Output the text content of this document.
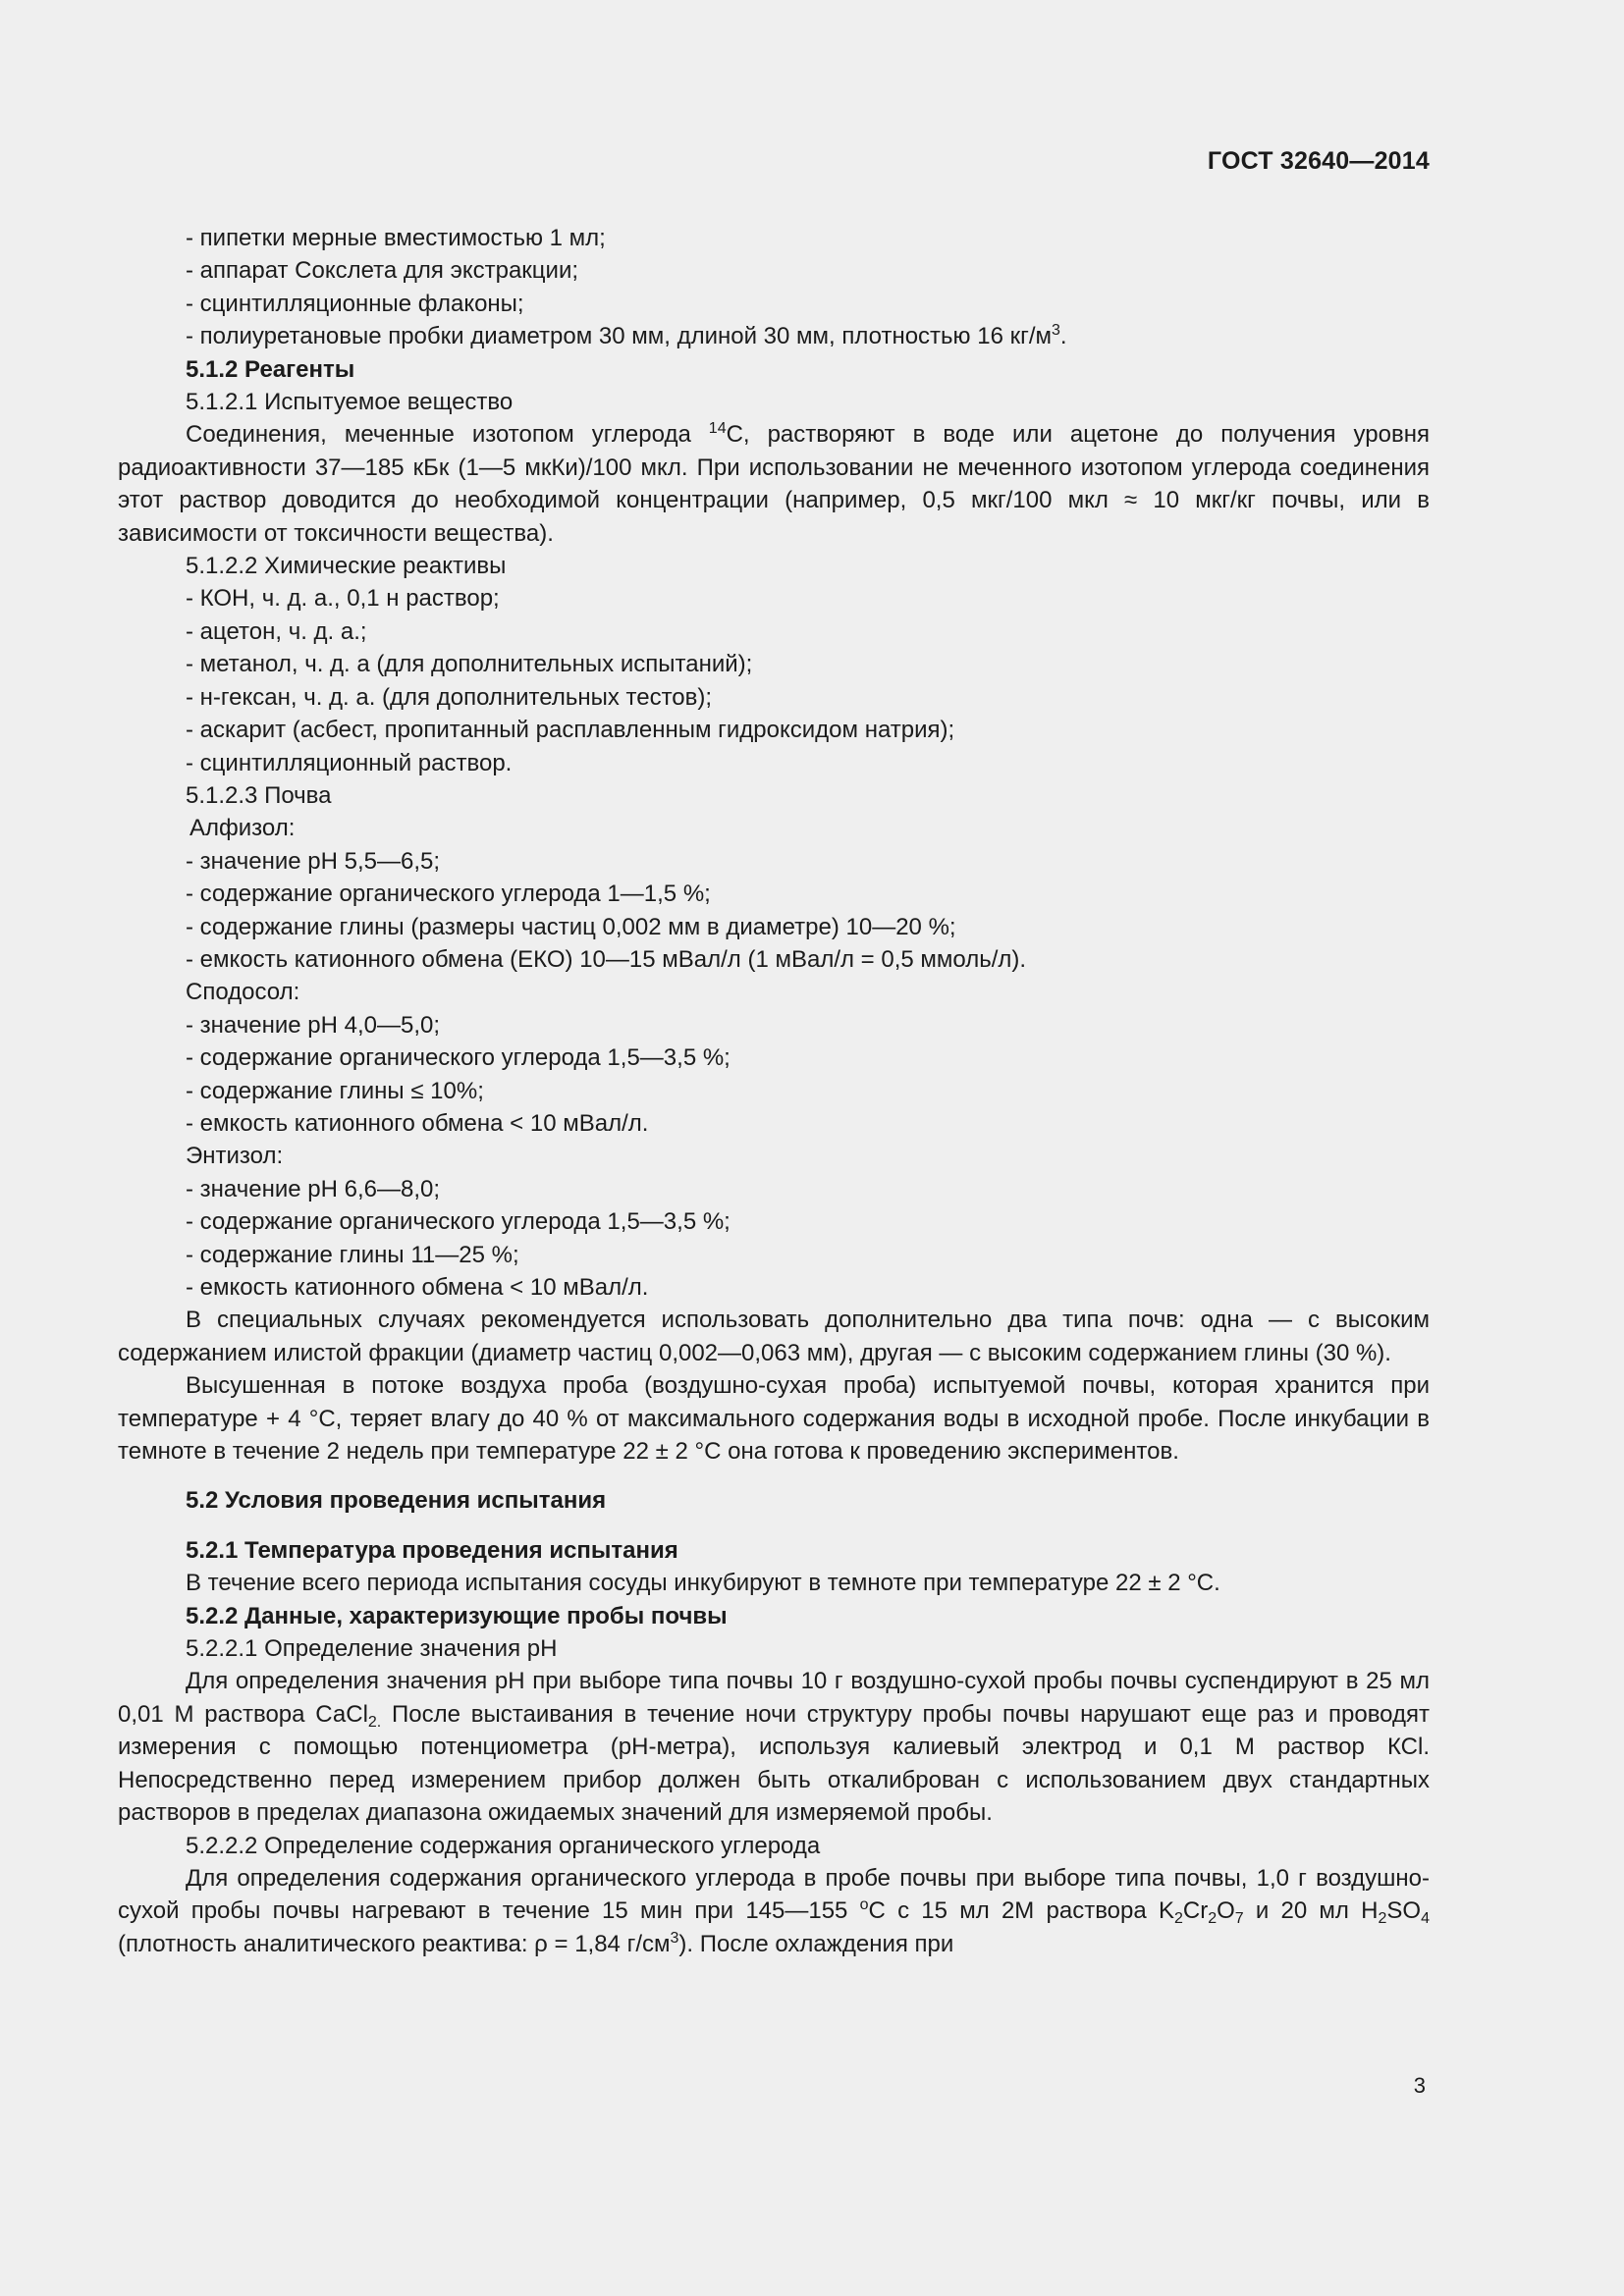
ГОСТ 32640—2014

- пипетки мерные вместимостью 1 мл;

- аппарат Сокслета для экстракции;

- сцинтилляционные флаконы;

- полиуретановые пробки диаметром 30 мм, длиной 30 мм, плотностью 16 $кг/м^3$.

5.1.2 Реагенты

5.1.2.1 Испытуемое вещество

Соединения, меченные изотопом углерода $^{14}$С, растворяют в воде или ацетоне до получения уровня радиоактивности 37—185 кБк (1—5 мкКи)/100 мкл. При использовании не меченного изотопом углерода соединения этот раствор доводится до необходимой концентрации (например, 0,5 мкг/100 мкл ≈ 10 мкг/кг почвы, или в зависимости от токсичности вещества).

5.1.2.2 Химические реактивы

- КОН, ч. д. а., 0,1 н раствор;

- ацетон, ч. д. а.;

- метанол, ч. д. а (для дополнительных испытаний);

- н-гексан, ч. д. а. (для дополнительных тестов);

- аскарит (асбест, пропитанный расплавленным гидроксидом натрия);

- сцинтилляционный раствор.

5.1.2.3 Почва

Алфизол:

- значение рН 5,5—6,5;

- содержание органического углерода 1—1,5 %;

- содержание глины (размеры частиц 0,002 мм в диаметре) 10—20 %;

- емкость катионного обмена (ЕКО) 10—15 мВал/л (1 мВал/л = 0,5 ммоль/л).

Сподосол:

- значение рН 4,0—5,0;

- содержание органического углерода 1,5—3,5 %;

- содержание глины ≤ 10%;

- емкость катионного обмена < 10 мВал/л.

Энтизол:

- значение рН 6,6—8,0;

- содержание органического углерода 1,5—3,5 %;

- содержание глины 11—25 %;

- емкость катионного обмена < 10 мВал/л.

В специальных случаях рекомендуется использовать дополнительно два типа почв: одна — с высоким содержанием илистой фракции (диаметр частиц 0,002—0,063 мм), другая — с высоким содержанием глины (30 %).

Высушенная в потоке воздуха проба (воздушно-сухая проба) испытуемой почвы, которая хранится при температуре + 4 °С, теряет влагу до 40 % от максимального содержания воды в исходной пробе. После инкубации в темноте в течение 2 недель при температуре 22 ± 2 °С она готова к проведению экспериментов.

5.2 Условия проведения испытания

5.2.1 Температура проведения испытания

В течение всего периода испытания сосуды инкубируют в темноте при температуре 22 ± 2 °С.

5.2.2 Данные, характеризующие пробы почвы

5.2.2.1 Определение значения рН

Для определения значения рН при выборе типа почвы 10 г воздушно-сухой пробы почвы суспендируют в 25 мл 0,01 М раствора СаСl$_{2.}$ После выстаивания в течение ночи структуру пробы почвы нарушают еще раз и проводят измерения с помощью потенциометра (рН-метра), используя калиевый электрод и 0,1 М раствор КСl. Непосредственно перед измерением прибор должен быть откалиброван с использованием двух стандартных растворов в пределах диапазона ожидаемых значений для измеряемой пробы.

5.2.2.2 Определение содержания органического углерода

Для определения содержания органического углерода в пробе почвы при выборе типа почвы, 1,0 г воздушно-сухой пробы почвы нагревают в течение 15 мин при 145—155 $^о$С с 15 мл 2М раствора $K_2Cr_2O_7$ и 20 мл $H_2SO_4$ (плотность аналитического реактива: ρ = 1,84 $г/см^3$). После охлаждения при

3
